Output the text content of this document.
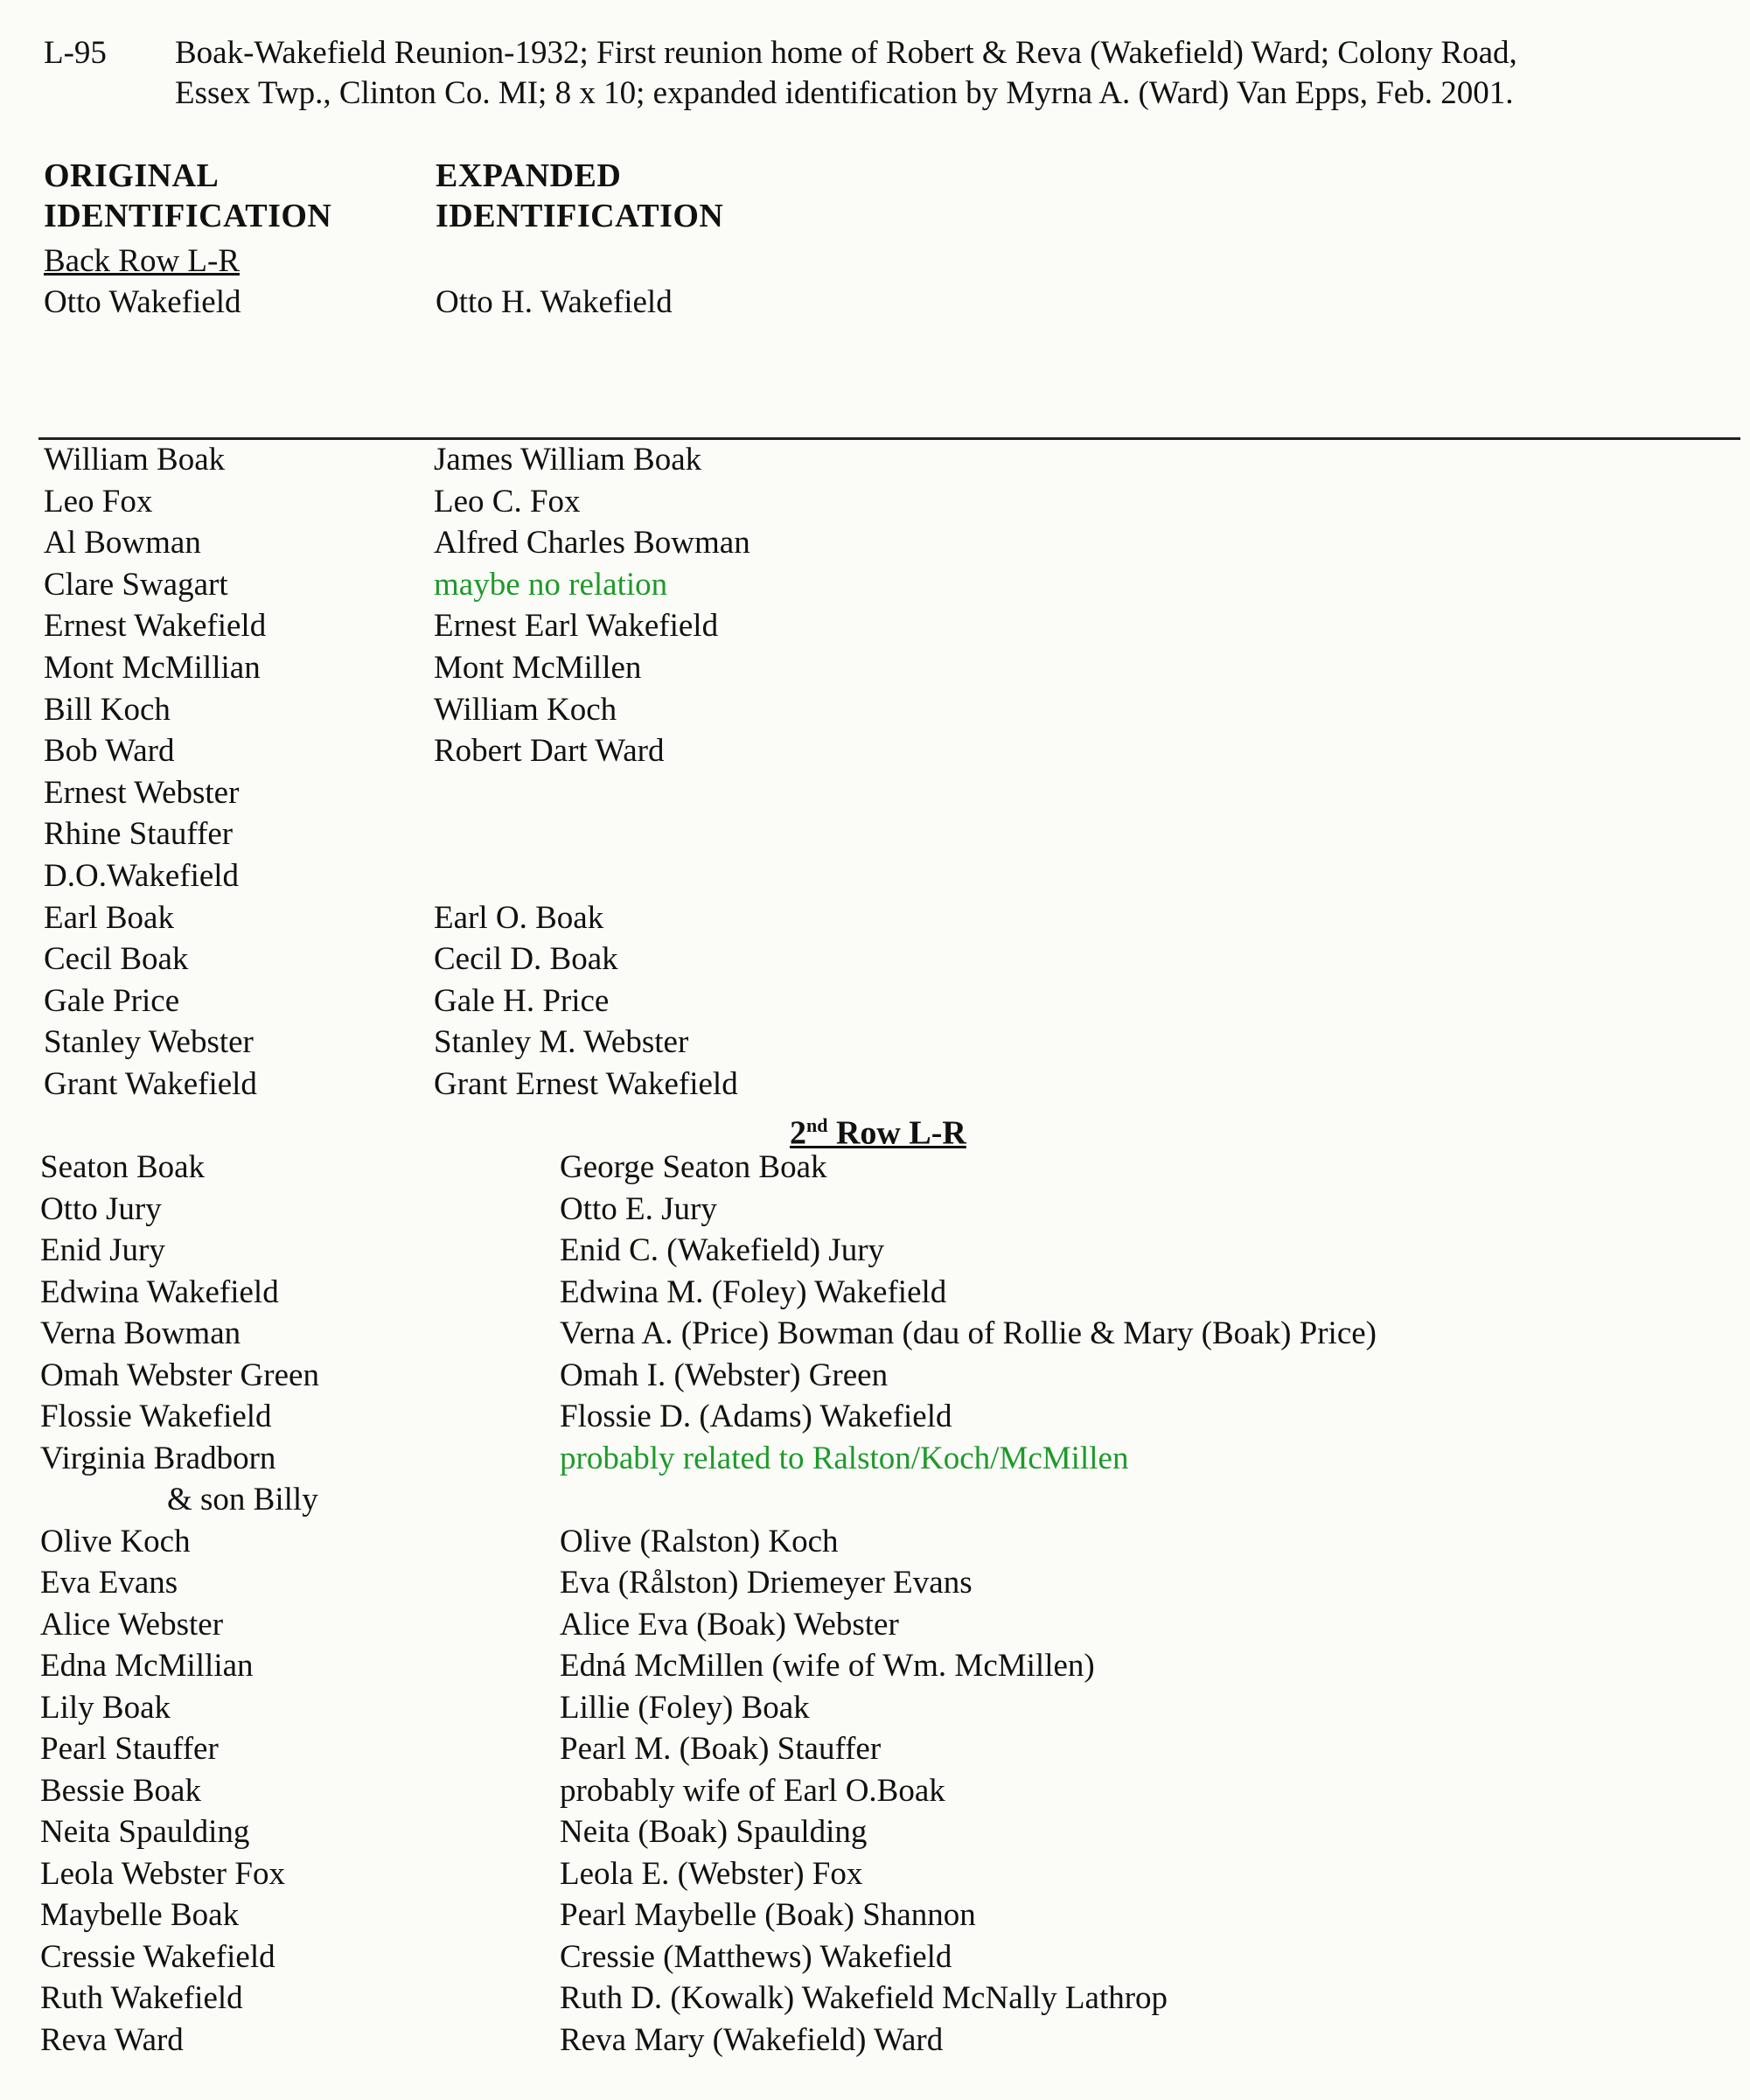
L-95 Boak-Wakefield Reunion-1932; First reunion home of Robert & Reva (Wakefield) Ward; Colony Road,
Essex Twp., Clinton Co. MI; 8 x 10; expanded identification by Myrna A. (Ward) Van Epps, Feb. 2001.
ORIGINAL
IDENTIFICATION
EXPANDED
IDENTIFICATION
Back Row L-R
Otto Wakefield	Otto H. Wakefield
William Boak	James William Boak
Leo Fox	Leo C. Fox
Al Bowman	Alfred Charles Bowman
Clare Swagart	maybe no relation
Ernest Wakefield	Ernest Earl Wakefield
Mont McMillian	Mont McMillen
Bill Koch	William Koch
Bob Ward	Robert Dart Ward
Ernest Webster
Rhine Stauffer
D.O.Wakefield
Earl Boak	Earl O. Boak
Cecil Boak	Cecil D. Boak
Gale Price	Gale H. Price
Stanley Webster	Stanley M. Webster
Grant Wakefield	Grant Ernest Wakefield
2nd Row L-R
Seaton Boak	George Seaton Boak
Otto Jury	Otto E. Jury
Enid Jury	Enid C. (Wakefield) Jury
Edwina Wakefield	Edwina M. (Foley) Wakefield
Verna Bowman	Verna A. (Price) Bowman (dau of Rollie & Mary (Boak) Price)
Omah Webster Green	Omah I. (Webster) Green
Flossie Wakefield	Flossie D. (Adams) Wakefield
Virginia Bradborn	probably related to Ralston/Koch/McMillen
& son Billy
Olive Koch	Olive (Ralston) Koch
Eva Evans	Eva (Rålston) Driemeyer Evans
Alice Webster	Alice Eva (Boak) Webster
Edna McMillian	Edná McMillen (wife of Wm. McMillen)
Lily Boak	Lillie (Foley) Boak
Pearl Stauffer	Pearl M. (Boak) Stauffer
Bessie Boak	probably wife of Earl O.Boak
Neita Spaulding	Neita (Boak) Spaulding
Leola Webster Fox	Leola E. (Webster) Fox
Maybelle Boak	Pearl Maybelle (Boak) Shannon
Cressie Wakefield	Cressie (Matthews) Wakefield
Ruth Wakefield	Ruth D. (Kowalk) Wakefield McNally Lathrop
Reva Ward	Reva Mary (Wakefield) Ward
